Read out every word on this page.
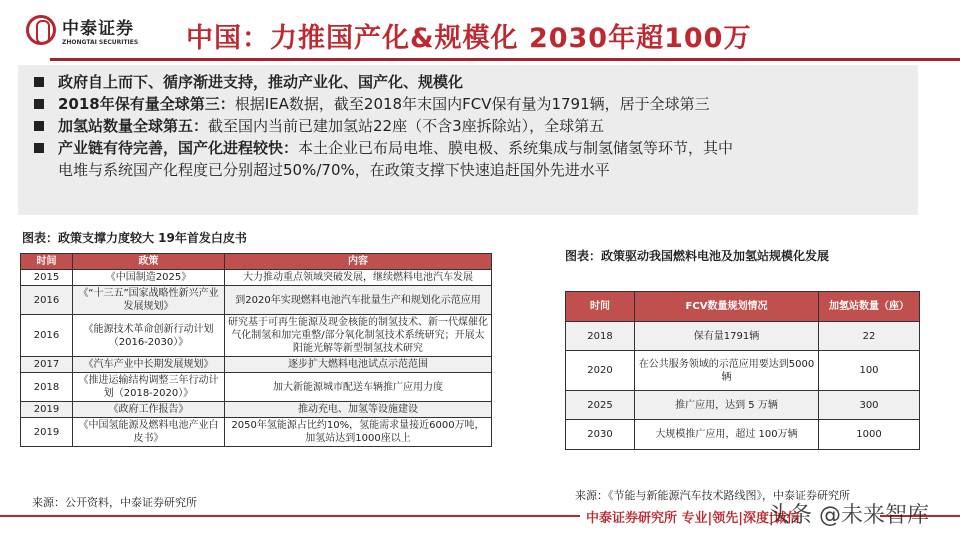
中泰证券
ZHONGTAI SECURITIES 中国：力推国产化&规模化 2030年超100万
政府自上而下、循序渐进支持，推动产业化、国产化、规模化
2018年保有量全球第三：根据IEA数据，截至2018年末国内FCV保有量为1791辆，居于全球第三
加氢站数量全球第五：截至国内当前已建加氢站22座（不含3座拆除站），全球第五
产业链有待完善，国产化进程较快：本土企业已布局电堆、膜电极、系统集成与制氢储氢等环节，其中
电堆与系统国产化程度已分别超过50%/70%，在政策支撑下快速追赶国外先进水平
图表：政策支撑力度较大 19年首发白皮书
时间	政策	内容
2015	《中国制造2025》	大力推动重点领域突破发展，继续燃料电池汽车发展
2016	《“十三五”国家战略性新兴产业发展规划》	到2020年实现燃料电池汽车批量生产和规划化示范应用
2016	《能源技术革命创新行动计划（2016-2030）》	研究基于可再生能源及现金核能的制氢技术、新一代煤催化气化制氢和加完重整/部分氧化制氢技术系统研究；开展太阳能光解等新型制氢技术研究
2017	《汽车产业中长期发展规划》	逐步扩大燃料电池试点示范范围
2018	《推进运输结构调整三年行动计划（2018-2020）》	加大新能源城市配送车辆推广应用力度
2019	《政府工作报告》	推动充电、加氢等设施建设
2019	《中国氢能源及燃料电池产业白皮书》	2050年氢能源占比约10%，氢能需求量接近6000万吨，加氢站达到1000座以上
来源：公开资料，中泰证券研究所
图表：政策驱动我国燃料电池及加氢站规模化发展
时间	FCV数量规划情况	加氢站数量（座）
2018	保有量1791辆	22
2020	在公共服务领域的示范应用要达到5000 辆	100
2025	推广应用，达到 5 万辆	300
2030	大规模推广应用，超过 100万辆	1000
来源：《节能与新能源汽车技术路线图》，中泰证券研究所
中泰证券研究所 专业|领先|深度|诚信
头条 @未来智库
